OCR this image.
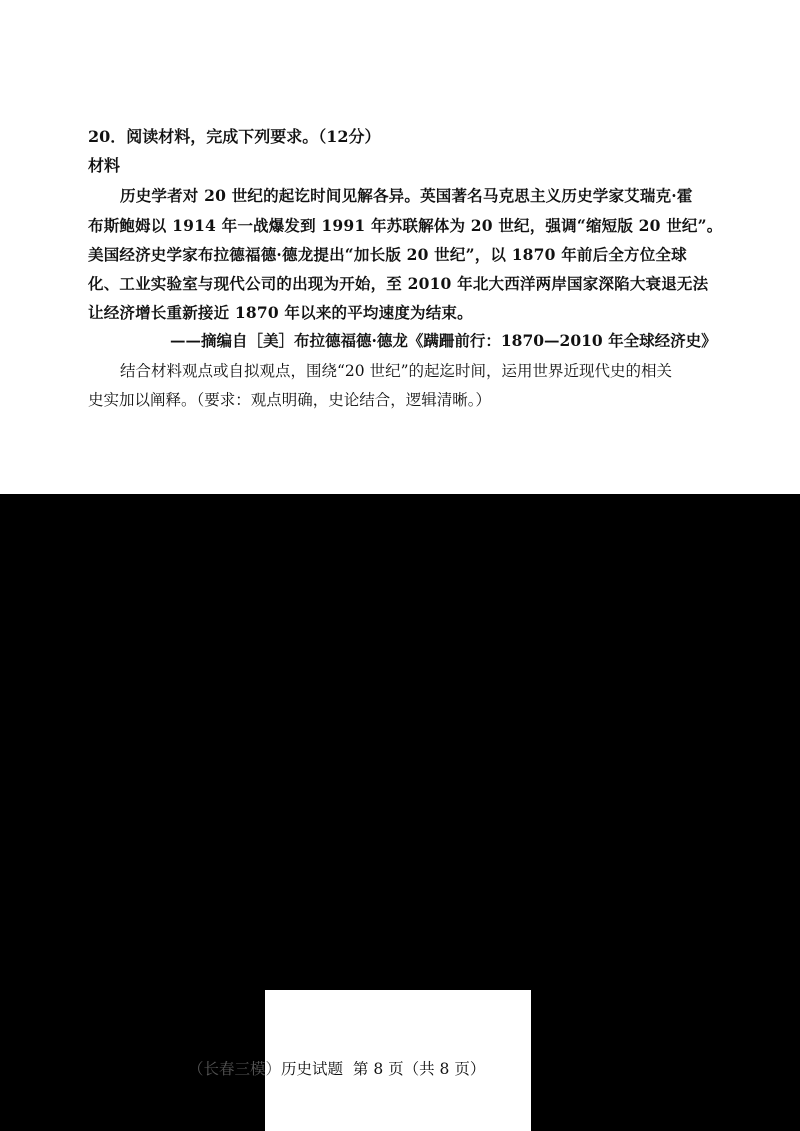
20．阅读材料，完成下列要求。（12分）
材料
历史学者对 20 世纪的起讫时间见解各异。英国著名马克思主义历史学家艾瑞克·霍
布斯鲍姆以 1914 年一战爆发到 1991 年苏联解体为 20 世纪，强调“缩短版 20 世纪”。
美国经济史学家布拉德福德·德龙提出“加长版 20 世纪”，以 1870 年前后全方位全球
化、工业实验室与现代公司的出现为开始，至 2010 年北大西洋两岸国家深陷大衰退无法
让经济增长重新接近 1870 年以来的平均速度为结束。
——摘编自［美］布拉德福德·德龙《蹒跚前行：1870—2010 年全球经济史》
结合材料观点或自拟观点，围绕“20 世纪”的起迄时间，运用世界近现代史的相关
史实加以阐释。（要求：观点明确，史论结合，逻辑清晰。）
（长春三模）历史试题 第 8 页（共 8 页）
